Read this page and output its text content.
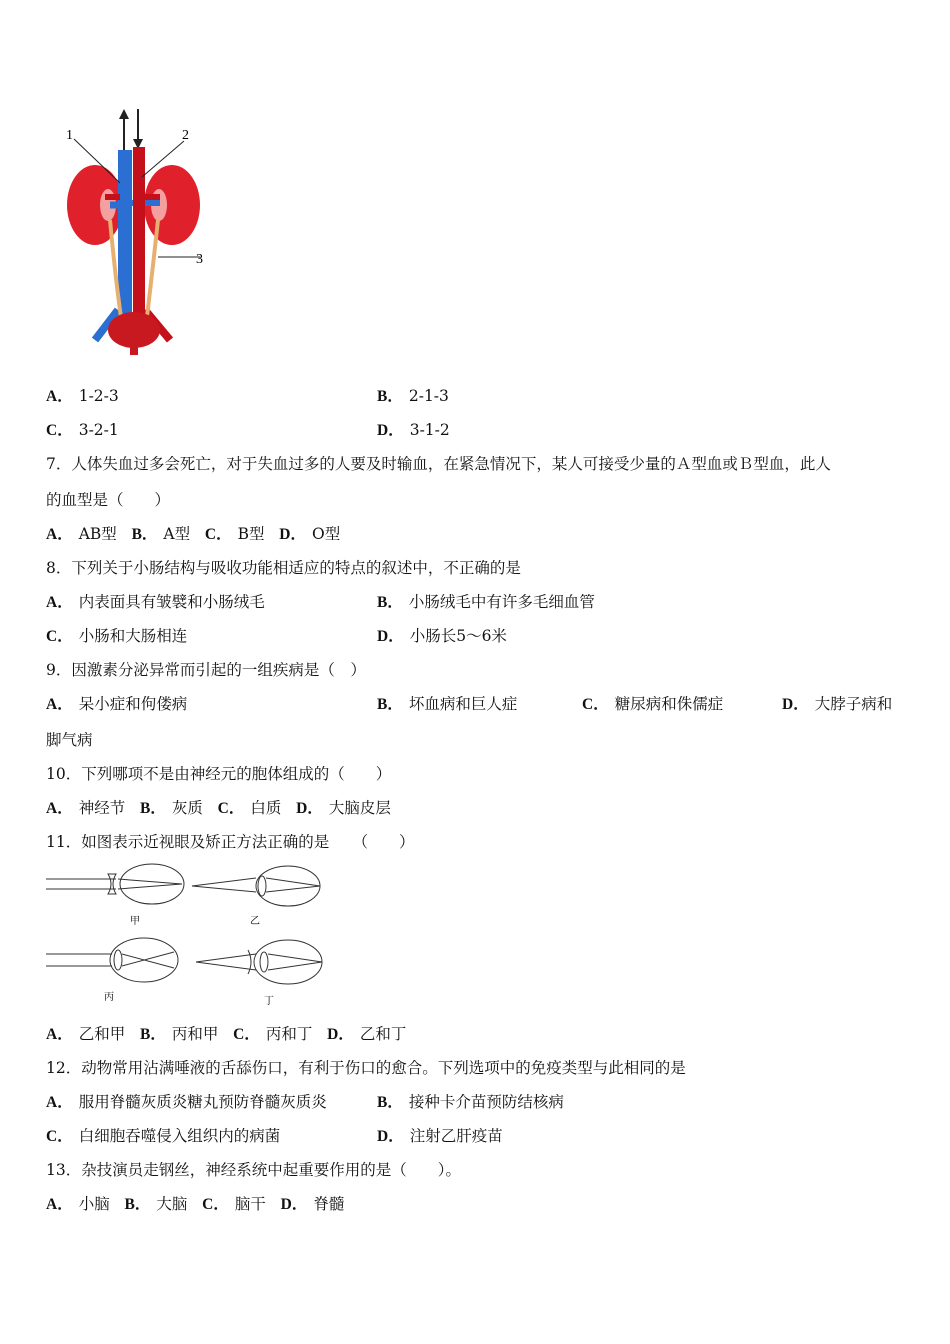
1	2
3
A． 1-2-3	B． 2-1-3
C． 3-2-1	D． 3-1-2
7．人体失血过多会死亡，对于失血过多的人要及时输血，在紧急情况下，某人可接受少量的Ａ型血或Ｂ型血，此人
的血型是（　　）
A． AB型 B． A型 C． B型 D． O型
8．下列关于小肠结构与吸收功能相适应的特点的叙述中，不正确的是
A． 内表面具有皱襞和小肠绒毛	B． 小肠绒毛中有许多毛细血管
C． 小肠和大肠相连	D． 小肠长5～6米
9．因激素分泌异常而引起的一组疾病是（　）
A． 呆小症和佝偻病	B． 坏血病和巨人症	C． 糖尿病和侏儒症	D． 大脖子病和
脚气病
10．下列哪项不是由神经元的胞体组成的（　　）
A． 神经节 B． 灰质 C． 白质 D． 大脑皮层
11．如图表示近视眼及矫正方法正确的是　　（　　）
甲	乙
丙	丁
A． 乙和甲 B． 丙和甲 C． 丙和丁 D． 乙和丁
12．动物常用沾满唾液的舌舔伤口，有利于伤口的愈合。下列选项中的免疫类型与此相同的是
A． 服用脊髓灰质炎糖丸预防脊髓灰质炎	B． 接种卡介苗预防结核病
C． 白细胞吞噬侵入组织内的病菌	D． 注射乙肝疫苗
13．杂技演员走钢丝，神经系统中起重要作用的是（　　）。
A． 小脑 B． 大脑 C． 脑干 D． 脊髓
